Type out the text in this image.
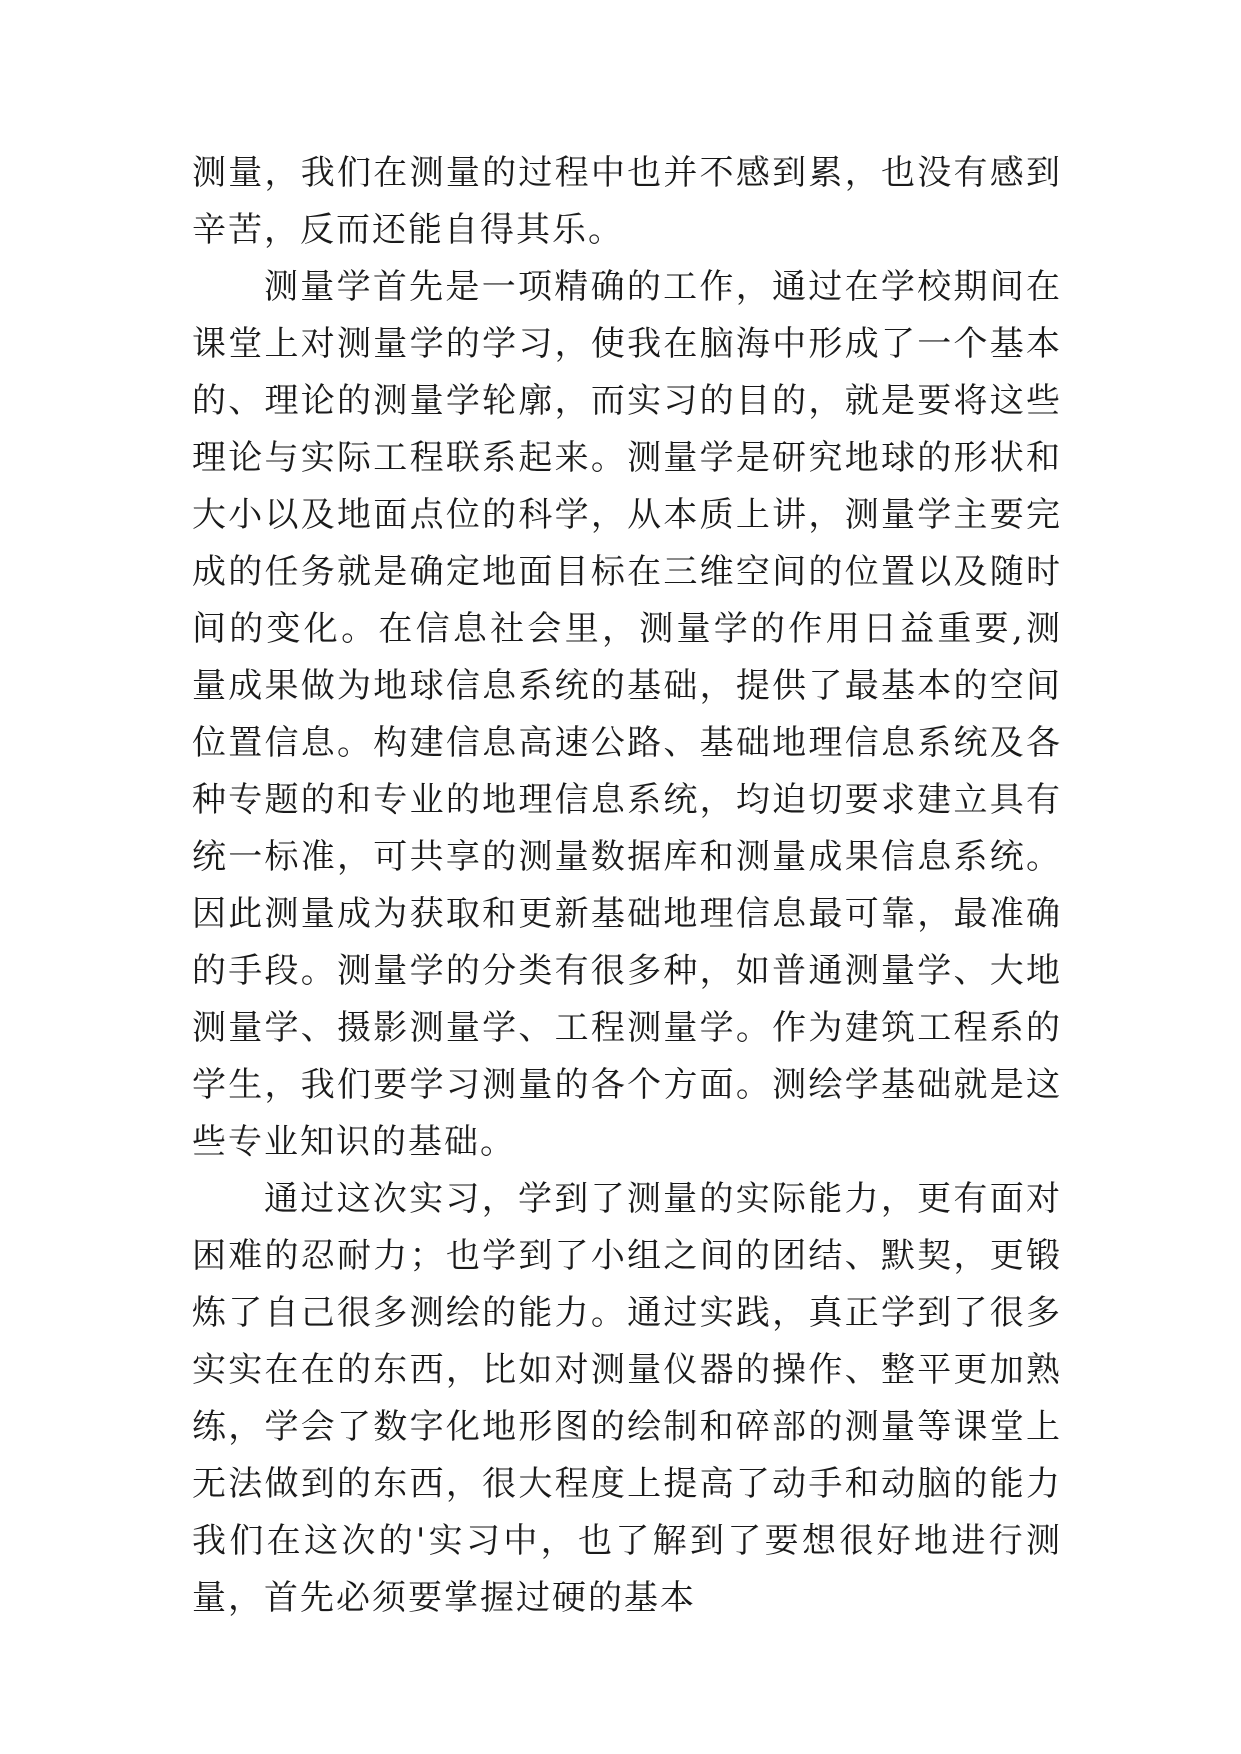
测量，我们在测量的过程中也并不感到累，也没有感到辛苦，反而还能自得其乐。

测量学首先是一项精确的工作，通过在学校期间在课堂上对测量学的学习，使我在脑海中形成了一个基本的、理论的测量学轮廓，而实习的目的，就是要将这些理论与实际工程联系起来。测量学是研究地球的形状和大小以及地面点位的科学，从本质上讲，测量学主要完成的任务就是确定地面目标在三维空间的位置以及随时间的变化。在信息社会里，测量学的作用日益重要,测量成果做为地球信息系统的基础，提供了最基本的空间位置信息。构建信息高速公路、基础地理信息系统及各种专题的和专业的地理信息系统，均迫切要求建立具有统一标准，可共享的测量数据库和测量成果信息系统。因此测量成为获取和更新基础地理信息最可靠，最准确的手段。测量学的分类有很多种，如普通测量学、大地测量学、摄影测量学、工程测量学。作为建筑工程系的学生，我们要学习测量的各个方面。测绘学基础就是这些专业知识的基础。

通过这次实习，学到了测量的实际能力，更有面对困难的忍耐力；也学到了小组之间的团结、默契，更锻炼了自己很多测绘的能力。通过实践，真正学到了很多实实在在的东西，比如对测量仪器的操作、整平更加熟练，学会了数字化地形图的绘制和碎部的测量等课堂上无法做到的东西，很大程度上提高了动手和动脑的能力 我们在这次的'实习中，也了解到了要想很好地进行测量，首先必须要掌握过硬的基本
